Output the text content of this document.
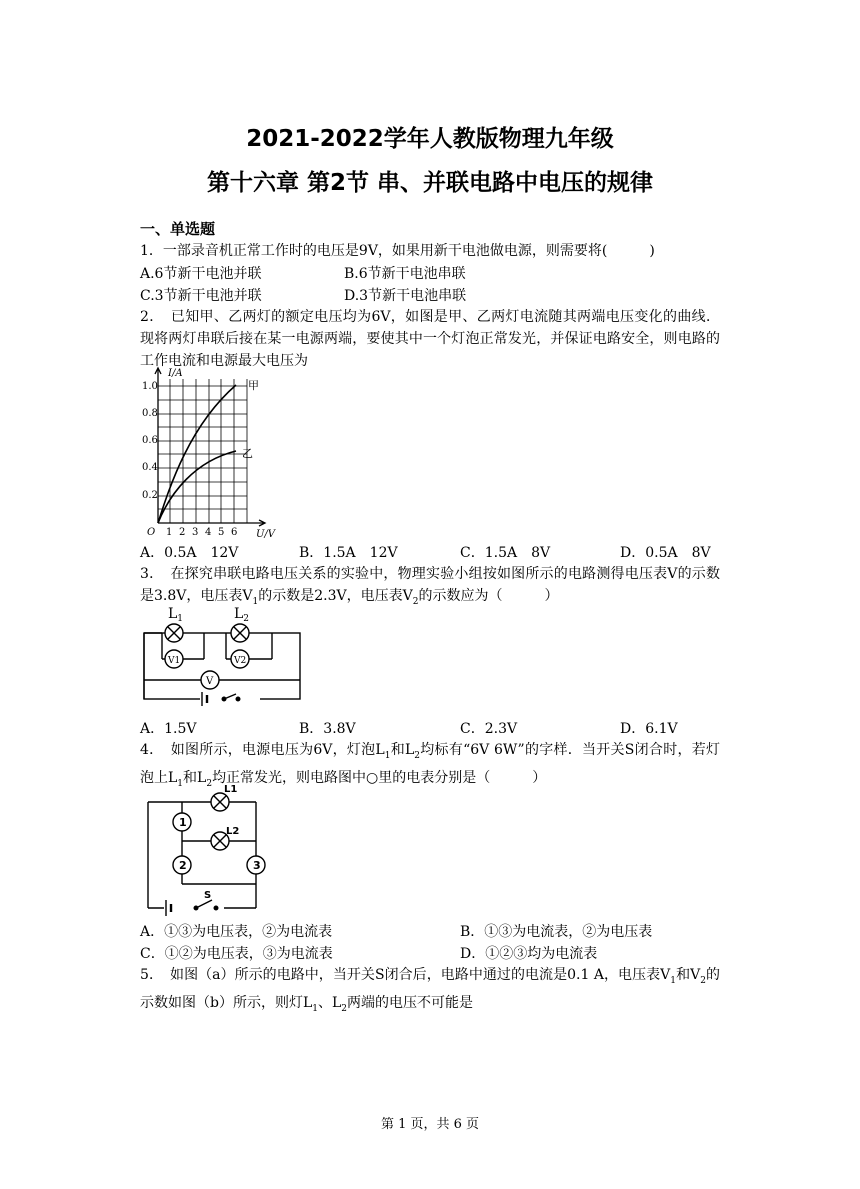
2021-2022学年人教版物理九年级
第十六章 第2节 串、并联电路中电压的规律
一、单选题
1．一部录音机正常工作时的电压是9V，如果用新干电池做电源，则需要将(　　　)
A.6节新干电池并联	B.6节新干电池串联
C.3节新干电池并联	D.3节新干电池串联
2．　已知甲、乙两灯的额定电压均为6V，如图是甲、乙两灯电流随其两端电压变化的曲线．现将两灯串联后接在某一电源两端，要使其中一个灯泡正常发光，并保证电路安全，则电路的工作电流和电源最大电压为
1.0
0.8
0.6
0.4
0.2
O 1 2 3 4 5 6 U/V
I/A
甲
乙
A．0.5A　12V	B．1.5A　12V	C．1.5A　8V	D．0.5A　8V
3．　在探究串联电路电压关系的实验中，物理实验小组按如图所示的电路测得电压表V的示数是3.8V，电压表$V_1$的示数是2.3V，电压表$V_2$的示数应为（　　　）
$L_1$	$L_2$
V1	V2
V
A．1.5V	B．3.8V	C．2.3V	D．6.1V
4．　如图所示，电源电压为6V，灯泡$L_1$和$L_2$均标有“6V 6W”的字样．当开关S闭合时，若灯泡上$L_1$和$L_2$均正常发光，则电路图中○里的电表分别是（　　　）
L1
L2
1
2	3
S
A．①③为电压表，②为电流表	B．①③为电流表，②为电压表
C．①②为电压表，③为电流表	D．①②③均为电流表
5．　如图（a）所示的电路中，当开关S闭合后，电路中通过的电流是0.1 A，电压表$V_1$和$V_2$的示数如图（b）所示，则灯$L_1$、$L_2$两端的电压不可能是
第 1 页，共 6 页
